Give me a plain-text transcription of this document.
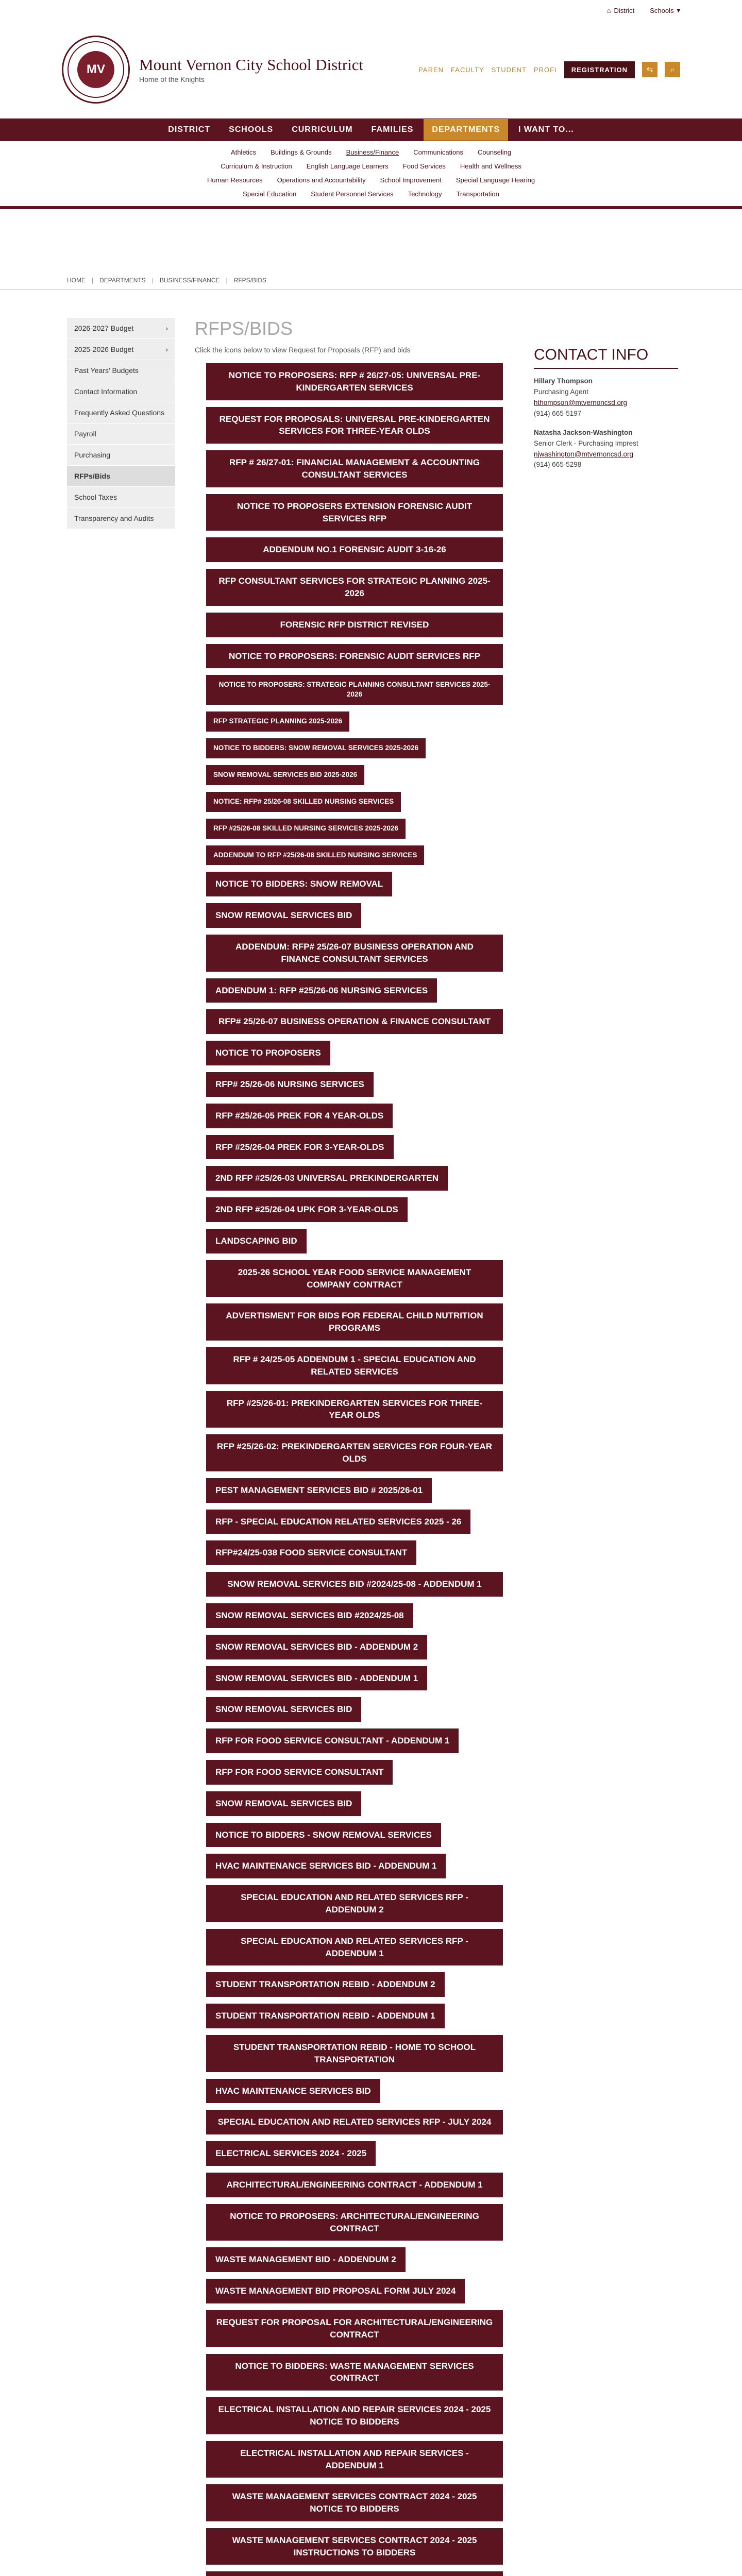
⌂ District Schools ▾
MV	Mount Vernon City School District

Home of the Knights

PAREN FACULTY STUDENT PROFI	REGISTRATION	⇆	⌕
DISTRICT	SCHOOLS	CURRICULUM	FAMILIES	DEPARTMENTS	I WANT TO...
Athletics Buildings & Grounds Business/Finance Communications Counseling
Curriculum & Instruction English Language Learners Food Services Health and Wellness
Human Resources Operations and Accountability School Improvement Special Language Hearing
Special Education Student Personnel Services Technology Transportation
HOME | DEPARTMENTS | BUSINESS/FINANCE | RFPS/BIDS
2026-2027 Budget	›
2025-2026 Budget	›
Past Years' Budgets
Contact Information
Frequently Asked Questions
Payroll
Purchasing
RFPs/Bids
School Taxes
Transparency and Audits
RFPS/BIDS

Click the icons below to view Request for Proposals (RFP) and bids

NOTICE TO PROPOSERS: RFP # 26/27-05: UNIVERSAL PRE-KINDERGARTEN SERVICES
REQUEST FOR PROPOSALS: UNIVERSAL PRE-KINDERGARTEN SERVICES FOR THREE-YEAR OLDS
RFP # 26/27-01: FINANCIAL MANAGEMENT & ACCOUNTING CONSULTANT SERVICES
NOTICE TO PROPOSERS EXTENSION FORENSIC AUDIT SERVICES RFP
ADDENDUM NO.1 FORENSIC AUDIT 3-16-26
RFP CONSULTANT SERVICES FOR STRATEGIC PLANNING 2025-2026
FORENSIC RFP DISTRICT REVISED
NOTICE TO PROPOSERS: FORENSIC AUDIT SERVICES RFP
NOTICE TO PROPOSERS: STRATEGIC PLANNING CONSULTANT SERVICES 2025-2026
RFP STRATEGIC PLANNING 2025-2026
NOTICE TO BIDDERS: SNOW REMOVAL SERVICES 2025-2026
SNOW REMOVAL SERVICES BID 2025-2026
NOTICE: RFP# 25/26-08 SKILLED NURSING SERVICES
RFP #25/26-08 SKILLED NURSING SERVICES 2025-2026
ADDENDUM TO RFP #25/26-08 SKILLED NURSING SERVICES
NOTICE TO BIDDERS: SNOW REMOVAL
SNOW REMOVAL SERVICES BID
ADDENDUM: RFP# 25/26-07 BUSINESS OPERATION AND FINANCE CONSULTANT SERVICES
ADDENDUM 1: RFP #25/26-06 NURSING SERVICES
RFP# 25/26-07 BUSINESS OPERATION & FINANCE CONSULTANT
NOTICE TO PROPOSERS
RFP# 25/26-06 NURSING SERVICES
RFP #25/26-05 PREK FOR 4 YEAR-OLDS
RFP #25/26-04 PREK FOR 3-YEAR-OLDS
2ND RFP #25/26-03 UNIVERSAL PREKINDERGARTEN
2ND RFP #25/26-04 UPK FOR 3-YEAR-OLDS
LANDSCAPING BID
2025-26 SCHOOL YEAR FOOD SERVICE MANAGEMENT COMPANY CONTRACT
ADVERTISMENT FOR BIDS FOR FEDERAL CHILD NUTRITION PROGRAMS
RFP # 24/25-05 ADDENDUM 1 - SPECIAL EDUCATION AND RELATED SERVICES
RFP #25/26-01: PREKINDERGARTEN SERVICES FOR THREE-YEAR OLDS
RFP #25/26-02: PREKINDERGARTEN SERVICES FOR FOUR-YEAR OLDS
PEST MANAGEMENT SERVICES BID # 2025/26-01
RFP - SPECIAL EDUCATION RELATED SERVICES 2025 - 26
RFP#24/25-038 FOOD SERVICE CONSULTANT
SNOW REMOVAL SERVICES BID #2024/25-08 - ADDENDUM 1
SNOW REMOVAL SERVICES BID #2024/25-08
SNOW REMOVAL SERVICES BID - ADDENDUM 2
SNOW REMOVAL SERVICES BID - ADDENDUM 1
SNOW REMOVAL SERVICES BID
RFP FOR FOOD SERVICE CONSULTANT - ADDENDUM 1
RFP FOR FOOD SERVICE CONSULTANT
SNOW REMOVAL SERVICES BID
NOTICE TO BIDDERS - SNOW REMOVAL SERVICES
HVAC MAINTENANCE SERVICES BID - ADDENDUM 1
SPECIAL EDUCATION AND RELATED SERVICES RFP - ADDENDUM 2
SPECIAL EDUCATION AND RELATED SERVICES RFP - ADDENDUM 1
STUDENT TRANSPORTATION REBID - ADDENDUM 2
STUDENT TRANSPORTATION REBID - ADDENDUM 1
STUDENT TRANSPORTATION REBID - HOME TO SCHOOL TRANSPORTATION
HVAC MAINTENANCE SERVICES BID
SPECIAL EDUCATION AND RELATED SERVICES RFP - JULY 2024
ELECTRICAL SERVICES 2024 - 2025
ARCHITECTURAL/ENGINEERING CONTRACT - ADDENDUM 1
NOTICE TO PROPOSERS: ARCHITECTURAL/ENGINEERING CONTRACT
WASTE MANAGEMENT BID - ADDENDUM 2
WASTE MANAGEMENT BID PROPOSAL FORM JULY 2024
REQUEST FOR PROPOSAL FOR ARCHITECTURAL/ENGINEERING CONTRACT
NOTICE TO BIDDERS: WASTE MANAGEMENT SERVICES CONTRACT
ELECTRICAL INSTALLATION AND REPAIR SERVICES 2024 - 2025 NOTICE TO BIDDERS
ELECTRICAL INSTALLATION AND REPAIR SERVICES - ADDENDUM 1
WASTE MANAGEMENT SERVICES CONTRACT 2024 - 2025 NOTICE TO BIDDERS
WASTE MANAGEMENT SERVICES CONTRACT 2024 - 2025 INSTRUCTIONS TO BIDDERS
CONTACT INFO

Hillary Thompson

Purchasing Agent

hthompson@mtvernoncsd.org

(914) 665-5197

Natasha Jackson-Washington

Senior Clerk - Purchasing Imprest

njwashington@mtvernoncsd.org

(914) 665-5298
